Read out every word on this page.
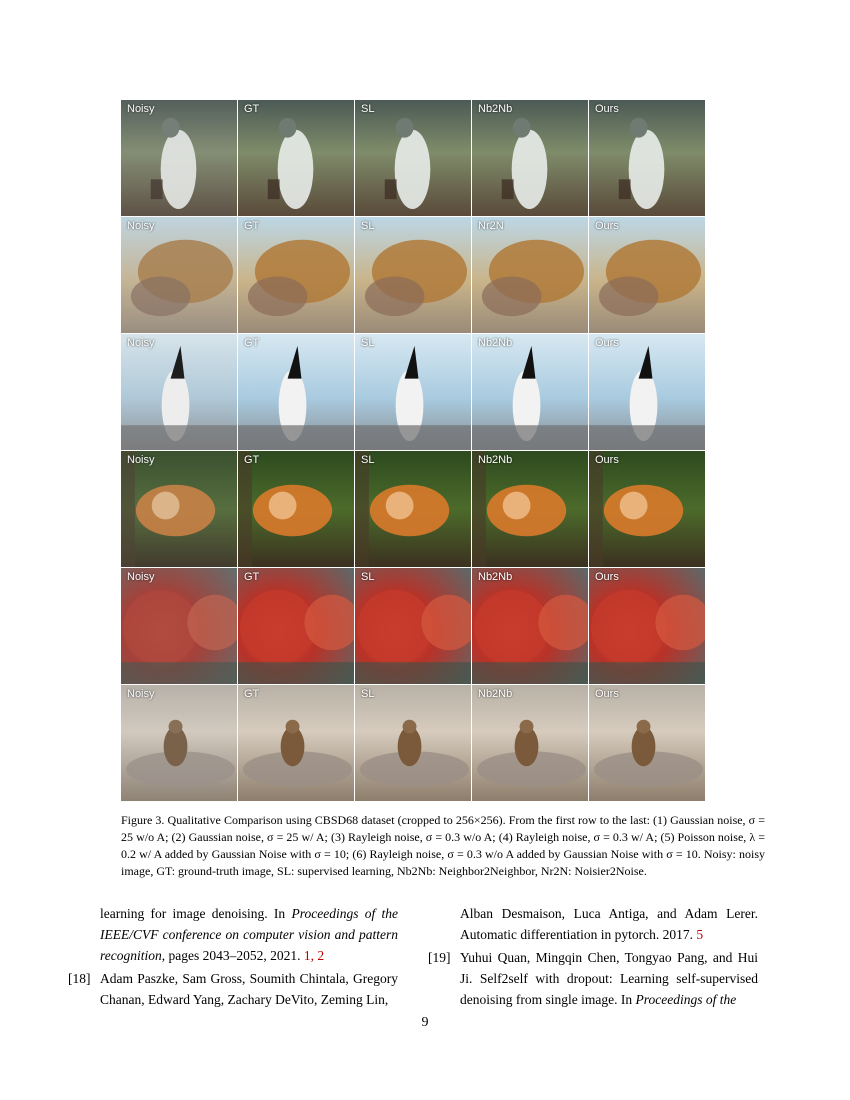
Noisy	GT	SL	Nb2Nb	Ours
Noisy	GT	SL	Nr2N	Ours
Noisy	GT	SL	Nb2Nb	Ours
Noisy	GT	SL	Nb2Nb	Ours
Noisy	GT	SL	Nb2Nb	Ours
Noisy	GT	SL	Nb2Nb	Ours
Figure 3. Qualitative Comparison using CBSD68 dataset (cropped to 256×256). From the first row to the last: (1) Gaussian noise, σ = 25 w/o A; (2) Gaussian noise, σ = 25 w/ A; (3) Rayleigh noise, σ = 0.3 w/o A; (4) Rayleigh noise, σ = 0.3 w/ A; (5) Poisson noise, λ = 0.2 w/ A added by Gaussian Noise with σ = 10; (6) Rayleigh noise, σ = 0.3 w/o A added by Gaussian Noise with σ = 10. Noisy: noisy image, GT: ground-truth image, SL: supervised learning, Nb2Nb: Neighbor2Neighbor, Nr2N: Noisier2Noise.
learning for image denoising. In Proceedings of the IEEE/CVF conference on computer vision and pattern recognition, pages 2043–2052, 2021. 1, 2
[18] Adam Paszke, Sam Gross, Soumith Chintala, Gregory Chanan, Edward Yang, Zachary DeVito, Zeming Lin,
Alban Desmaison, Luca Antiga, and Adam Lerer. Automatic differentiation in pytorch. 2017. 5
[19] Yuhui Quan, Mingqin Chen, Tongyao Pang, and Hui Ji. Self2self with dropout: Learning self-supervised denoising from single image. In Proceedings of the
9
